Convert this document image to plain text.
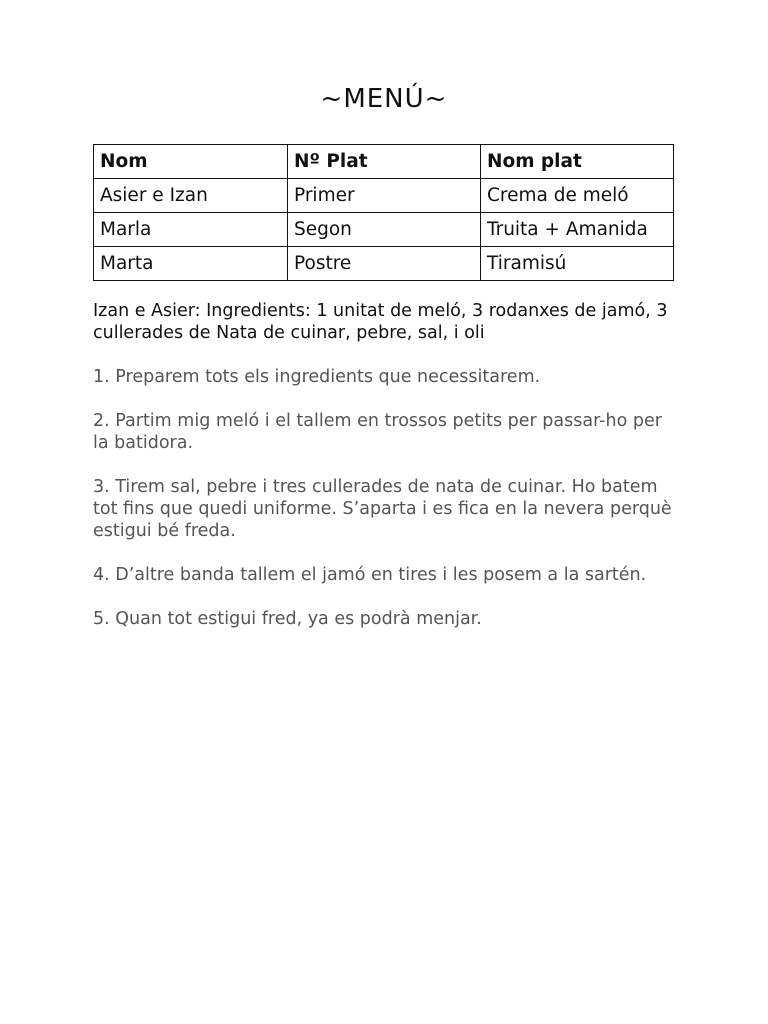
~MENÚ~
Nom	Nº Plat	Nom plat
Asier e Izan	Primer	Crema de meló
Marla	Segon	Truita + Amanida
Marta	Postre	Tiramisú
Izan e Asier: Ingredients: 1 unitat de meló, 3 rodanxes de jamó, 3 cullerades de Nata de cuinar, pebre, sal, i oli

1. Preparem tots els ingredients que necessitarem.

2. Partim mig meló i el tallem en trossos petits per passar-ho per la batidora.

3. Tirem sal, pebre i tres cullerades de nata de cuinar. Ho batem tot fins que quedi uniforme. S’aparta i es fica en la nevera perquè estigui bé freda.

4. D’altre banda tallem el jamó en tires i les posem a la sartén.

5. Quan tot estigui fred, ya es podrà menjar.
